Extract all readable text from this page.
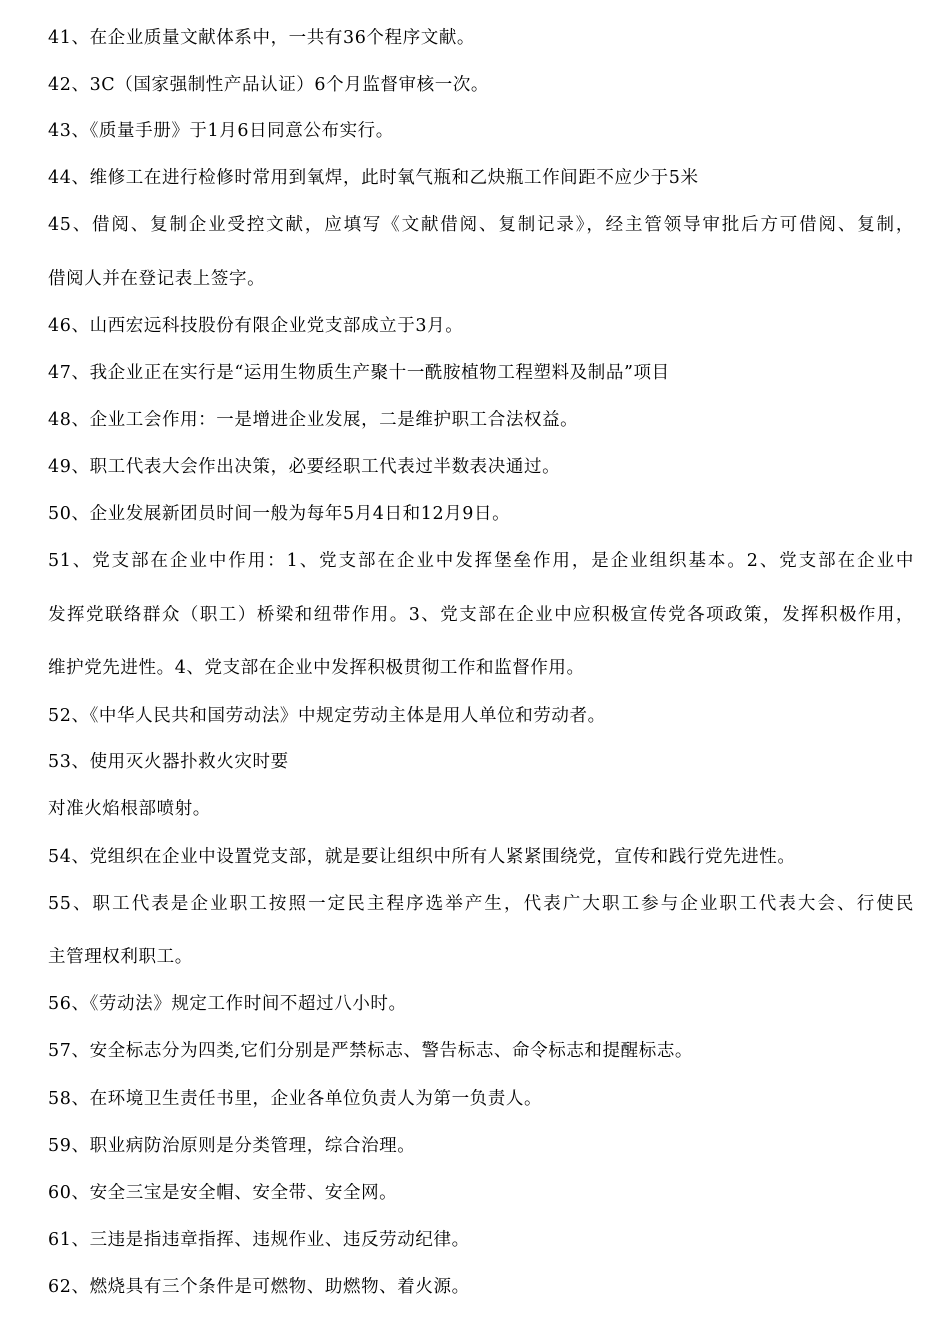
41、在企业质量文献体系中，一共有36个程序文献。
42、3C（国家强制性产品认证）6个月监督审核一次。
43、《质量手册》于1月6日同意公布实行。
44、维修工在进行检修时常用到氧焊，此时氧气瓶和乙炔瓶工作间距不应少于5米
45、借阅、复制企业受控文献，应填写《文献借阅、复制记录》，经主管领导审批后方可借阅、复制，
借阅人并在登记表上签字。
46、山西宏远科技股份有限企业党支部成立于3月。
47、我企业正在实行是“运用生物质生产聚十一酰胺植物工程塑料及制品”项目
48、企业工会作用：一是增进企业发展，二是维护职工合法权益。
49、职工代表大会作出决策，必要经职工代表过半数表决通过。
50、企业发展新团员时间一般为每年5月4日和12月9日。
51、党支部在企业中作用：1、党支部在企业中发挥堡垒作用，是企业组织基本。2、党支部在企业中
发挥党联络群众（职工）桥梁和纽带作用。3、党支部在企业中应积极宣传党各项政策，发挥积极作用，
维护党先进性。4、党支部在企业中发挥积极贯彻工作和监督作用。
52、《中华人民共和国劳动法》中规定劳动主体是用人单位和劳动者。
53、使用灭火器扑救火灾时要
对准火焰根部喷射。
54、党组织在企业中设置党支部，就是要让组织中所有人紧紧围绕党，宣传和践行党先进性。
55、职工代表是企业职工按照一定民主程序选举产生，代表广大职工参与企业职工代表大会、行使民
主管理权利职工。
56、《劳动法》规定工作时间不超过八小时。
57、安全标志分为四类,它们分别是严禁标志、警告标志、命令标志和提醒标志。
58、在环境卫生责任书里，企业各单位负责人为第一负责人。
59、职业病防治原则是分类管理，综合治理。
60、安全三宝是安全帽、安全带、安全网。
61、三违是指违章指挥、违规作业、违反劳动纪律。
62、燃烧具有三个条件是可燃物、助燃物、着火源。
